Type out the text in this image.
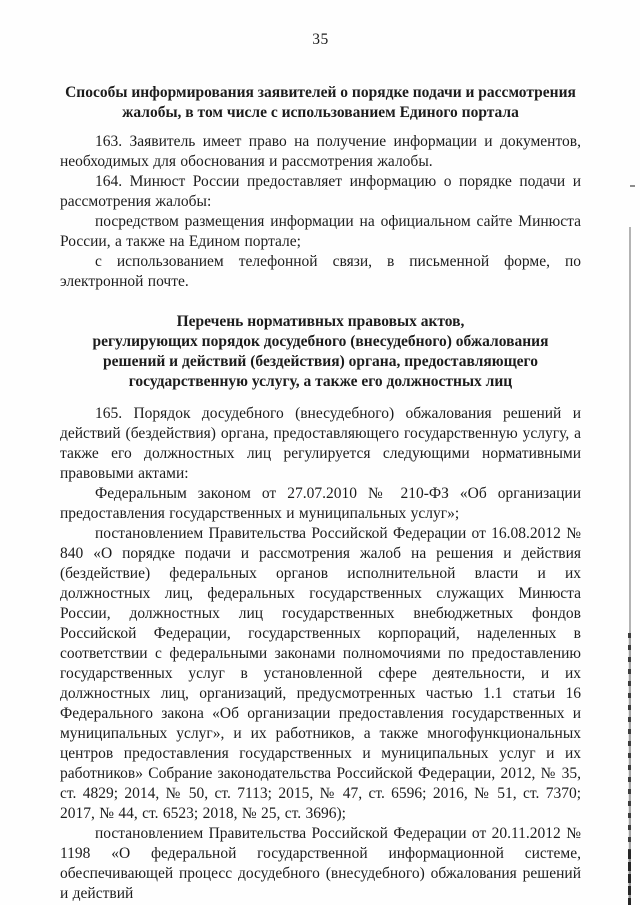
35
Способы информирования заявителей о порядке подачи и рассмотрения
жалобы, в том числе с использованием Единого портала

163. Заявитель имеет право на получение информации и документов, необходимых для обоснования и рассмотрения жалобы.

164. Минюст России предоставляет информацию о порядке подачи и рассмотрения жалобы:

посредством размещения информации на официальном сайте Минюста России, а также на Едином портале;

с использованием телефонной связи, в письменной форме, по электронной почте.

Перечень нормативных правовых актов,
регулирующих порядок досудебного (внесудебного) обжалования
решений и действий (бездействия) органа, предоставляющего
государственную услугу, а также его должностных лиц

165. Порядок досудебного (внесудебного) обжалования решений и действий (бездействия) органа, предоставляющего государственную услугу, а также его должностных лиц регулируется следующими нормативными правовыми актами:

Федеральным законом от 27.07.2010 № 210-ФЗ «Об организации предоставления государственных и муниципальных услуг»;

постановлением Правительства Российской Федерации от 16.08.2012 № 840 «О порядке подачи и рассмотрения жалоб на решения и действия (бездействие) федеральных органов исполнительной власти и их должностных лиц, федеральных государственных служащих Минюста России, должностных лиц государственных внебюджетных фондов Российской Федерации, государственных корпораций, наделенных в соответствии с федеральными законами полномочиями по предоставлению государственных услуг в установленной сфере деятельности, и их должностных лиц, организаций, предусмотренных частью 1.1 статьи 16 Федерального закона «Об организации предоставления государственных и муниципальных услуг», и их работников, а также многофункциональных центров предоставления государственных и муниципальных услуг и их работников» Собрание законодательства Российской Федерации, 2012, № 35, ст. 4829; 2014, № 50, ст. 7113; 2015, № 47, ст. 6596; 2016, № 51, ст. 7370; 2017, № 44, ст. 6523; 2018, № 25, ст. 3696);

постановлением Правительства Российской Федерации от 20.11.2012 № 1198 «О федеральной государственной информационной системе, обеспечивающей процесс досудебного (внесудебного) обжалования решений и действий
